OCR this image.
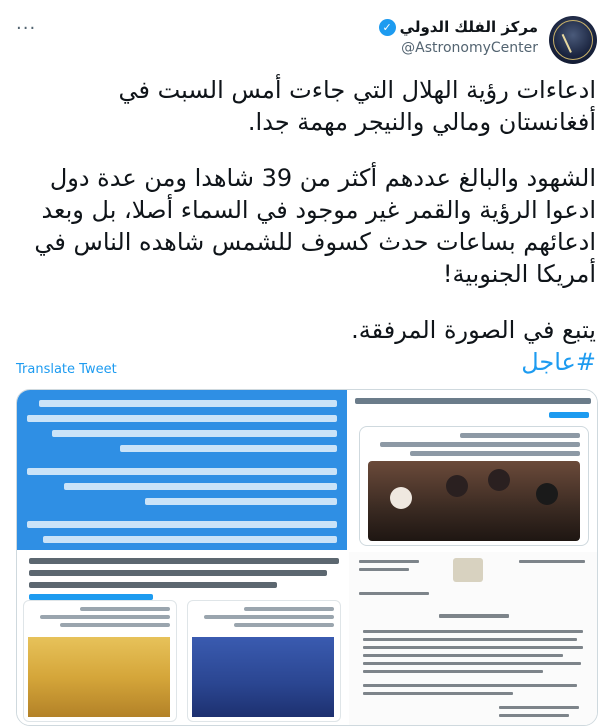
مركز الفلك الدولي
✓
@AstronomyCenter
···

ادعاءات رؤية الهلال التي جاءت أمس السبت في أفغانستان ومالي والنيجر مهمة جدا.

الشهود والبالغ عددهم أكثر من 39 شاهدا ومن عدة دول ادعوا الرؤية والقمر غير موجود في السماء أصلا، بل وبعد ادعائهم بساعات حدث كسوف للشمس شاهده الناس في أمريكا الجنوبية!

يتبع في الصورة المرفقة.

#عاجل
Translate Tweet
